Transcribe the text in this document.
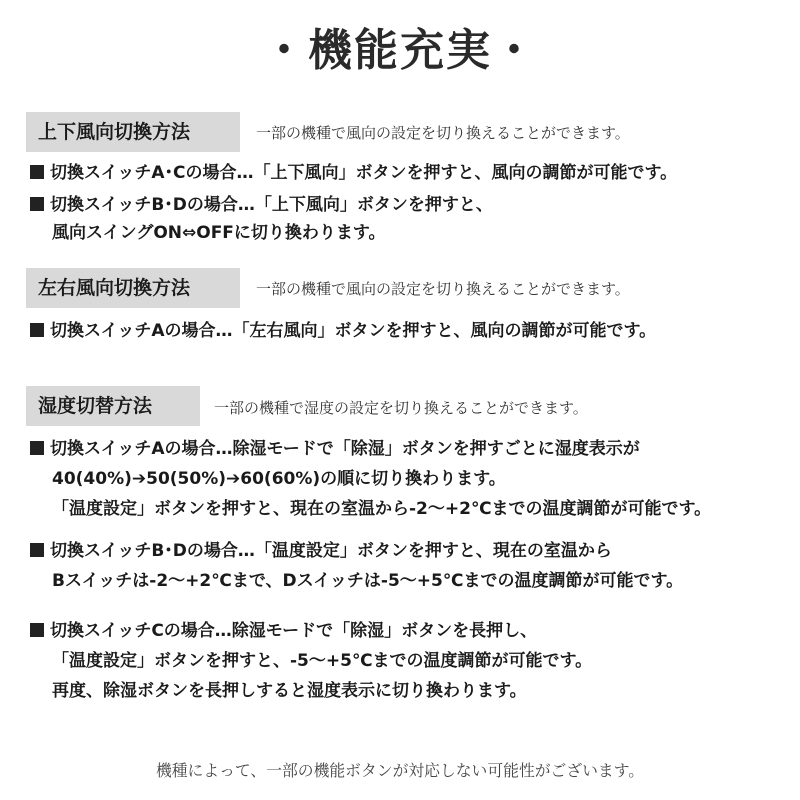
・機能充実・
上下風向切換方法	一部の機種で風向の設定を切り換えることができます。
切換スイッチA･Cの場合…「上下風向」ボタンを押すと、風向の調節が可能です。
切換スイッチB･Dの場合…「上下風向」ボタンを押すと、
風向スイングON⇔OFFに切り換わります。
左右風向切換方法	一部の機種で風向の設定を切り換えることができます。
切換スイッチAの場合…「左右風向」ボタンを押すと、風向の調節が可能です。
湿度切替方法	一部の機種で湿度の設定を切り換えることができます。
切換スイッチAの場合…除湿モードで「除湿」ボタンを押すごとに湿度表示が
40(40%)➔50(50%)➔60(60%)の順に切り換わります。
「温度設定」ボタンを押すと、現在の室温から-2～+2℃までの温度調節が可能です。
切換スイッチB･Dの場合…「温度設定」ボタンを押すと、現在の室温から
Bスイッチは-2～+2℃まで、Dスイッチは-5～+5℃までの温度調節が可能です。
切換スイッチCの場合…除湿モードで「除湿」ボタンを長押し、
「温度設定」ボタンを押すと、-5～+5℃までの温度調節が可能です。
再度、除湿ボタンを長押しすると湿度表示に切り換わります。
機種によって、一部の機能ボタンが対応しない可能性がございます。
